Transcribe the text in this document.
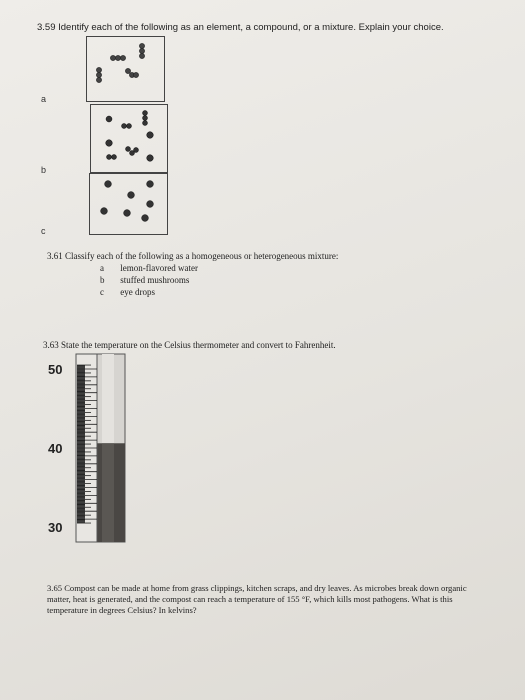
3.59 Identify each of the following as an element, a compound, or a mixture. Explain your choice.
a
b
c
3.61 Classify each of the following as a homogeneous or heterogeneous mixture:
a lemon-flavored water
b stuffed mushrooms
c eye drops
3.63 State the temperature on the Celsius thermometer and convert to Fahrenheit.
50
40
30
3.65 Compost can be made at home from grass clippings, kitchen scraps, and dry leaves. As microbes break down organic matter, heat is generated, and the compost can reach a temperature of 155 °F, which kills most pathogens. What is this temperature in degrees Celsius? In kelvins?
